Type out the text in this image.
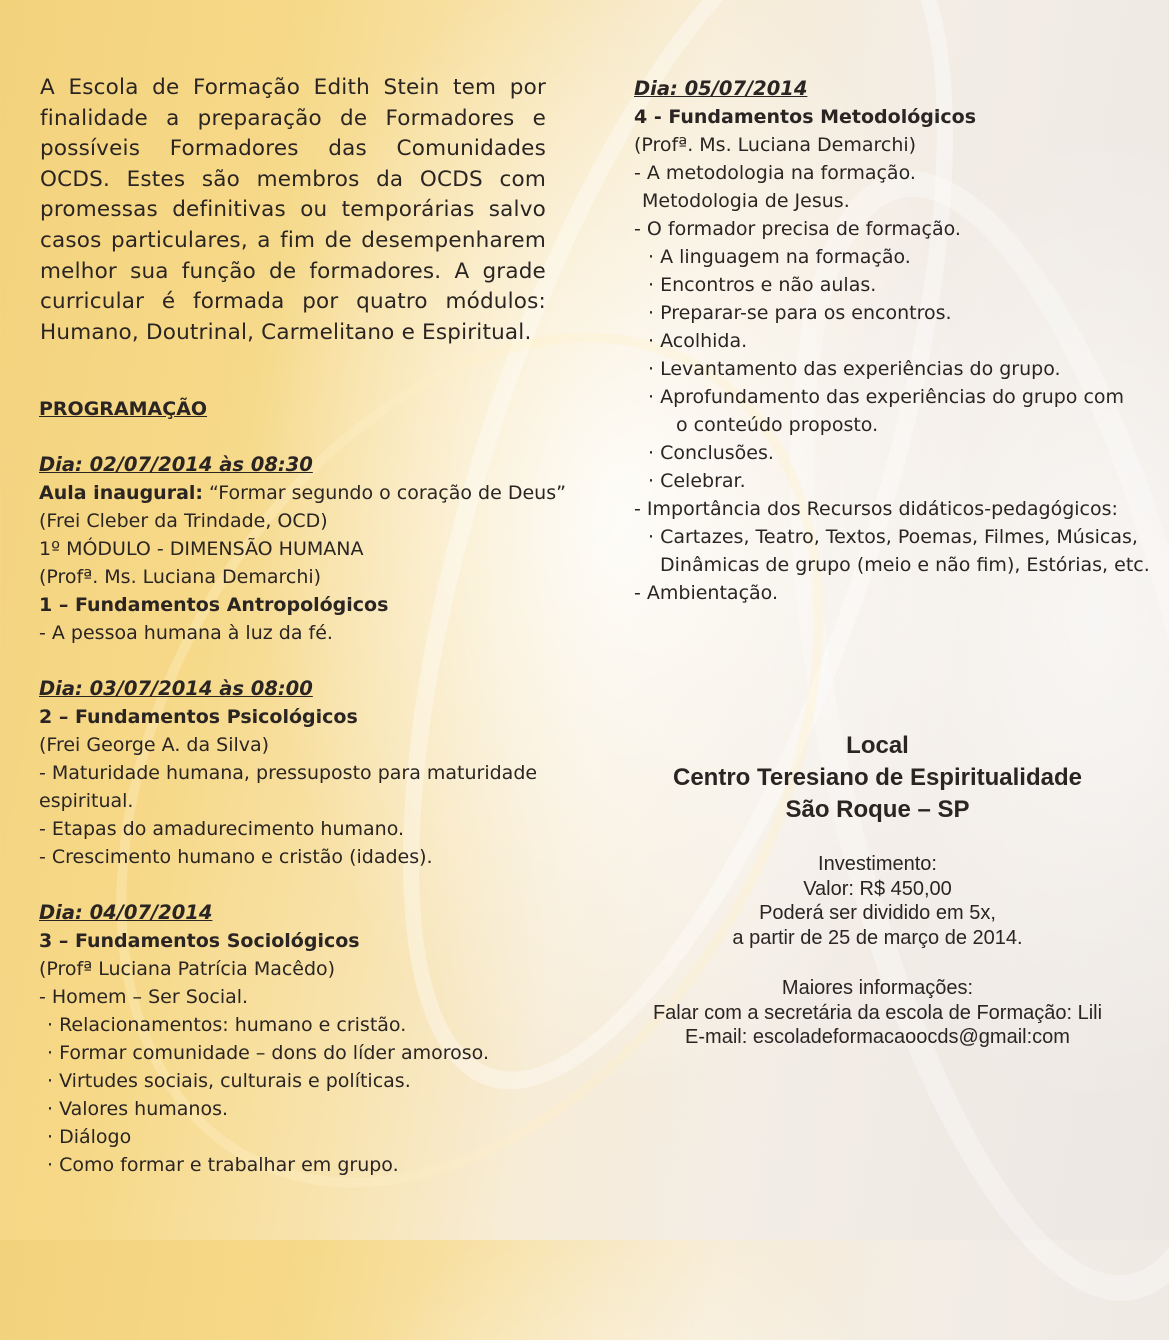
A Escola de Formação Edith Stein tem por finalidade a preparação de Formadores e possíveis Formadores das Comunidades OCDS. Estes são membros da OCDS com promessas definitivas ou temporárias salvo casos particulares, a fim de desempenharem melhor sua função de formadores. A grade curricular é formada por quatro módulos: Humano, Doutrinal, Carmelitano e Espiritual.

PROGRAMAÇÃO
Dia: 02/07/2014 às 08:30
Aula inaugural: “Formar segundo o coração de Deus”
(Frei Cleber da Trindade, OCD)
1º MÓDULO - DIMENSÃO HUMANA
(Profª. Ms. Luciana Demarchi)
1 – Fundamentos Antropológicos
- A pessoa humana à luz da fé.
Dia: 03/07/2014 às 08:00
2 – Fundamentos Psicológicos
(Frei George A. da Silva)
- Maturidade humana, pressuposto para maturidade
espiritual.
- Etapas do amadurecimento humano.
- Crescimento humano e cristão (idades).
Dia: 04/07/2014
3 – Fundamentos Sociológicos
(Profª Luciana Patrícia Macêdo)
- Homem – Ser Social.
· Relacionamentos: humano e cristão.
· Formar comunidade – dons do líder amoroso.
· Virtudes sociais, culturais e políticas.
· Valores humanos.
· Diálogo
· Como formar e trabalhar em grupo.
Dia: 05/07/2014
4 - Fundamentos Metodológicos
(Profª. Ms. Luciana Demarchi)
- A metodologia na formação.
Metodologia de Jesus.
- O formador precisa de formação.
· A linguagem na formação.
· Encontros e não aulas.
· Preparar-se para os encontros.
· Acolhida.
· Levantamento das experiências do grupo.
· Aprofundamento das experiências do grupo com
o conteúdo proposto.
· Conclusões.
· Celebrar.
- Importância dos Recursos didáticos-pedagógicos:
· Cartazes, Teatro, Textos, Poemas, Filmes, Músicas,
Dinâmicas de grupo (meio e não fim), Estórias, etc.
- Ambientação.
Local
Centro Teresiano de Espiritualidade
São Roque – SP
Investimento:
Valor: R$ 450,00
Poderá ser dividido em 5x,
a partir de 25 de março de 2014.
Maiores informações:
Falar com a secretária da escola de Formação: Lili
E-mail: escoladeformacaoocds@gmail:com
